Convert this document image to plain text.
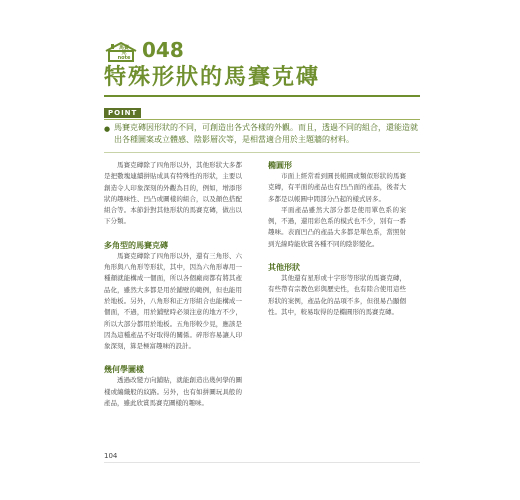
馬賽克note 048
特殊形狀的馬賽克磚
POINT
● 馬賽克磚因形狀的不同，可創造出各式各樣的外觀。而且，透過不同的組合，還能造就出各種圖案或立體感、陰影層次等，是相當適合用於主題牆的材料。

馬賽克磚除了四角形以外，其他形狀大多都是把數塊連續拼貼成具有特殊性的形狀，主要以創造令人印象深刻的外觀為目的，例如，增添形狀的趣味性、凹凸或圖樣的組合，以及顏色搭配組合等。本節針對其他形狀的馬賽克磚，做出以下分類。

多角型的馬賽克磚

馬賽克磚除了四角形以外，還有三角形、六角形與八角形等形狀，其中，因為六角形專用一種顏就能構成一個面，所以各個廠商都有將其產品化，雖然大多都是用於鋪壁的範例，但也能用於地板。另外，八角形和正方形組合也能構成一個面，不過，用於鋪壁時必須注意的地方不少，所以大部分都用於地板。五角形較少見，應該是因為這種產品不好取得的關係。碎形容易讓人印象深刻，算是極富趣味的設計。

幾何學圖樣

透過改變方向鋪貼，就能創造出幾何學的圖樣或編織般的紋路。另外，也有如拼圖玩具般的產品，雖此欣賞馬賽克圖樣的趣味。

橢圓形

市面上經常看到圓長帳圓或類似形狀的馬賽克磚，有平面的產品也有凹凸面的產品，後者大多都是以帳圓中間部分凸起的樣式居多。

平面產品雖然大部分都是使用單色系的案例，不過，還用彩色系的模式也不少，別有一番趣味。表面凹凸的產品大多都是單色系，當照射到光線時能欣賞各種不同的陰影變化。

其他形狀

其他還有星形或十字形等形狀的馬賽克磚，有些帶有宗教色彩與歷史性，也有陸合使用這些形狀的案例，產品化的品項不多，但很易凸顯個性。其中，較易取得的是橢圓形的馬賽克磚。

104
